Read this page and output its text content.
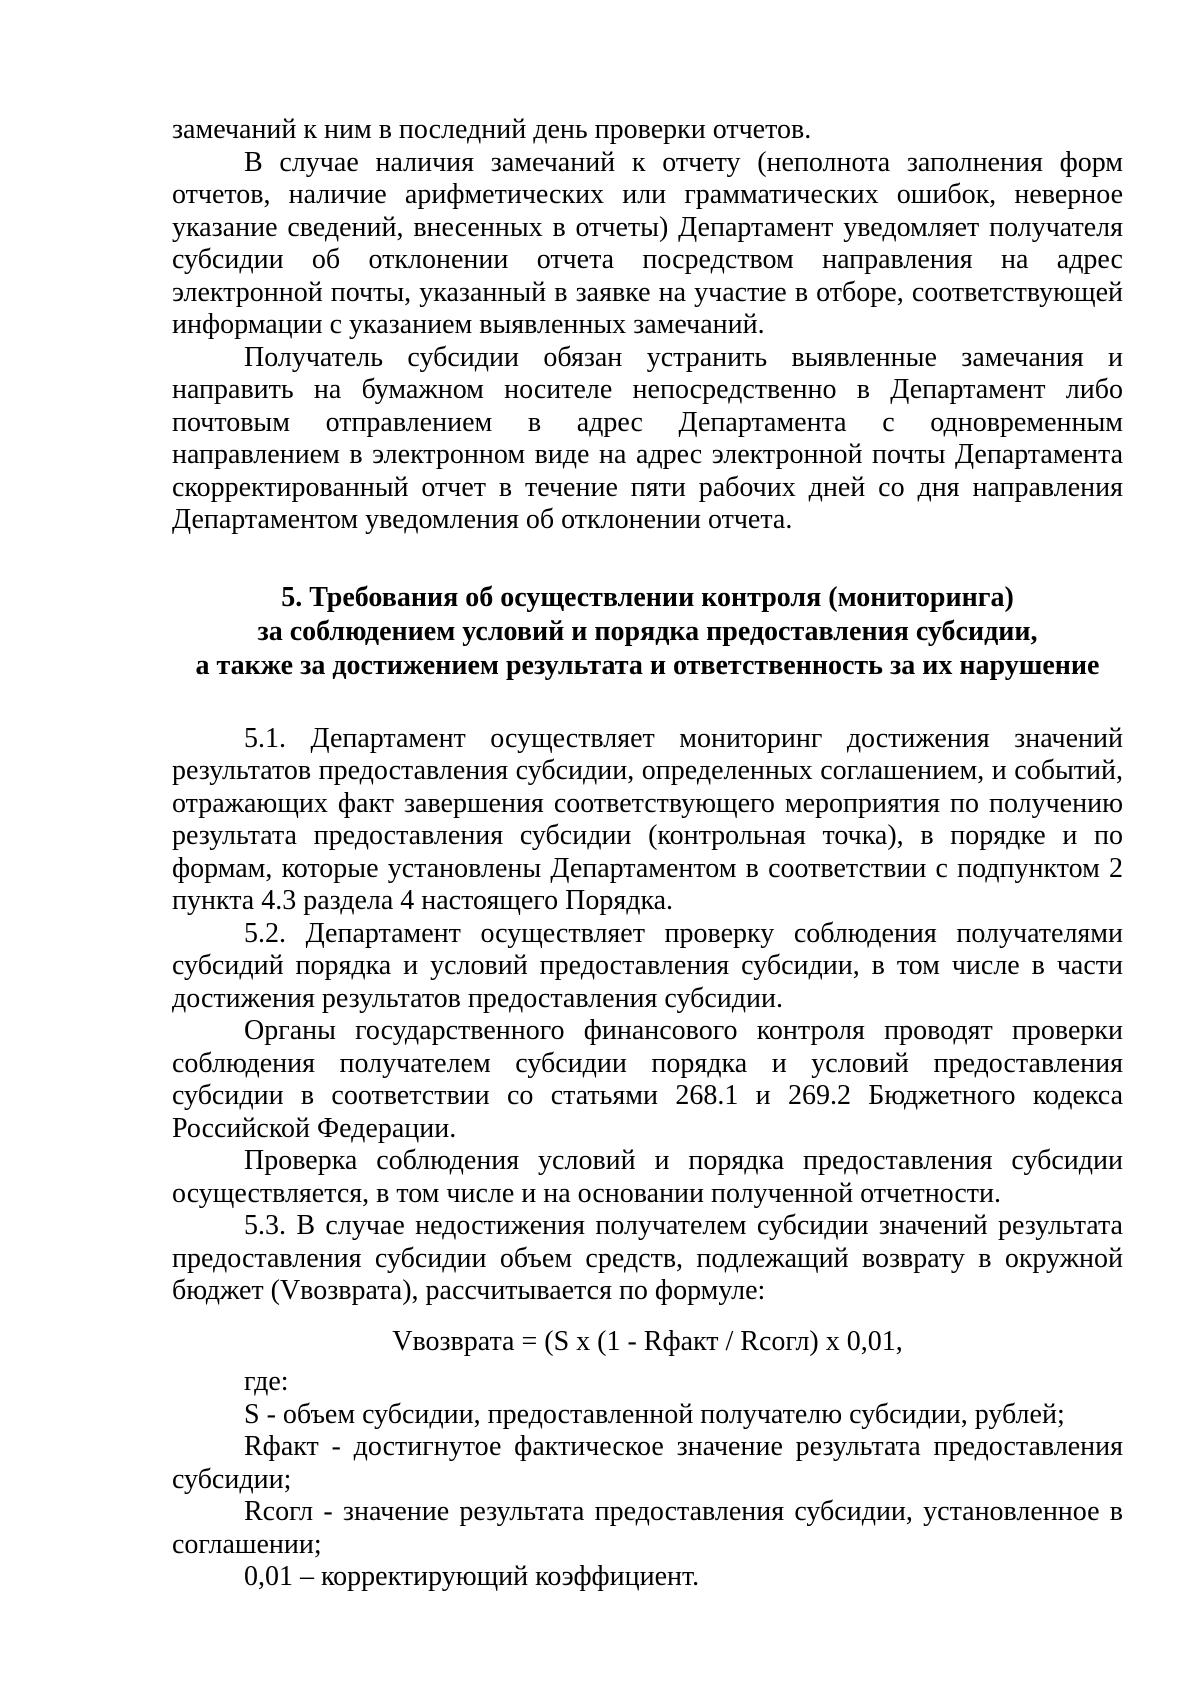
замечаний к ним в последний день проверки отчетов.

В случае наличия замечаний к отчету (неполнота заполнения форм отчетов, наличие арифметических или грамматических ошибок, неверное указание сведений, внесенных в отчеты) Департамент уведомляет получателя субсидии об отклонении отчета посредством направления на адрес электронной почты, указанный в заявке на участие в отборе, соответствующей информации с указанием выявленных замечаний.

Получатель субсидии обязан устранить выявленные замечания и направить на бумажном носителе непосредственно в Департамент либо почтовым отправлением в адрес Департамента с одновременным направлением в электронном виде на адрес электронной почты Департамента скорректированный отчет в течение пяти рабочих дней со дня направления Департаментом уведомления об отклонении отчета.

5. Требования об осуществлении контроля (мониторинга)
за соблюдением условий и порядка предоставления субсидии,
а также за достижением результата и ответственность за их нарушение

5.1. Департамент осуществляет мониторинг достижения значений результатов предоставления субсидии, определенных соглашением, и событий, отражающих факт завершения соответствующего мероприятия по получению результата предоставления субсидии (контрольная точка), в порядке и по формам, которые установлены Департаментом в соответствии с подпунктом 2 пункта 4.3 раздела 4 настоящего Порядка.

5.2. Департамент осуществляет проверку соблюдения получателями субсидий порядка и условий предоставления субсидии, в том числе в части достижения результатов предоставления субсидии.

Органы государственного финансового контроля проводят проверки соблюдения получателем субсидии порядка и условий предоставления субсидии в соответствии со статьями 268.1 и 269.2 Бюджетного кодекса Российской Федерации.

Проверка соблюдения условий и порядка предоставления субсидии осуществляется, в том числе и на основании полученной отчетности.

5.3. В случае недостижения получателем субсидии значений результата предоставления субсидии объем средств, подлежащий возврату в окружной бюджет (Vвозврата), рассчитывается по формуле:

Vвозврата = (S x (1 - Rфакт / Rсогл) x 0,01,

где:

S - объем субсидии, предоставленной получателю субсидии, рублей;

Rфакт - достигнутое фактическое значение результата предоставления субсидии;

Rсогл - значение результата предоставления субсидии, установленное в соглашении;

0,01 – корректирующий коэффициент.
